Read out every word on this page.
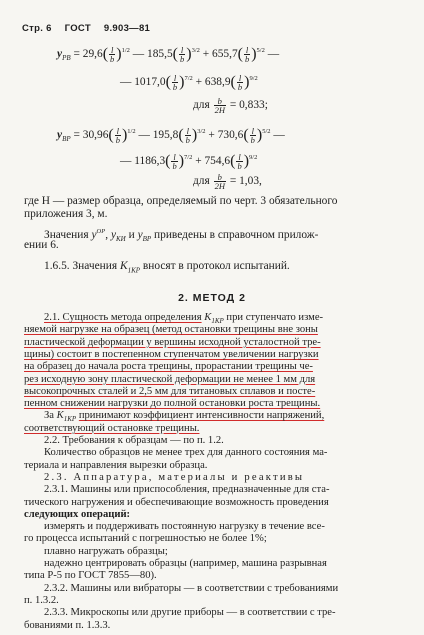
Стр. 6 ГОСТ 9.903—81
$y_{PB} = 29,6( \frac{l}{b} )^{1/2}$ — $185,5( \frac{l}{b} )^{3/2} + 655,7( \frac{l}{b} )^{5/2}$ —
— $1017,0( \frac{l}{b} )^{7/2} + 638,9( \frac{l}{b} )^{9/2}$
для $\frac{b}{2H} = 0,833$;
$y_{BP} = 30,96( \frac{l}{b} )^{1/2}$ — $195,8( \frac{l}{b} )^{3/2} + 730,6( \frac{l}{b} )^{5/2}$ —
— $1186,3( \frac{l}{b} )^{7/2} + 754,6( \frac{l}{b} )^{9/2}$
для $\frac{b}{2H} = 1,03$,
где H — размер образца, определяемый по черт. 3 обязательного
приложения 3, м.
Значения $y^{OP}$, $y_{KИ}$ и $y_{BP}$ приведены в справочном прилож-
ении 6.
1.6.5. Значения $K_{1КР}$ вносят в протокол испытаний.
2. МЕТОД 2
2.1. Сущность метода определения $K_{1КР}$ при ступенчато изме-
няемой нагрузке на образец (метод остановки трещины вне зоны
пластической деформации у вершины исходной усталостной тре-
щины) состоит в постепенном ступенчатом увеличении нагрузки
на образец до начала роста трещины, прорастании трещины че-
рез исходную зону пластической деформации не менее 1 мм для
высокопрочных сталей и 2,5 мм для титановых сплавов и посте-
пенном снижении нагрузки до полной остановки роста трещины.
За $K_{1КР}$ принимают коэффициент интенсивности напряжений,
соответствующий остановке трещины.
2.2. Требования к образцам — по п. 1.2.
Количество образцов не менее трех для данного состояния ма-
териала и направления вырезки образца.
2.3. Аппаратура, материалы и реактивы
2.3.1. Машины или приспособления, предназначенные для ста-
тического нагружения и обеспечивающие возможность проведения
следующих операций:
измерять и поддерживать постоянную нагрузку в течение все-
го процесса испытаний с погрешностью не более 1%;
плавно нагружать образцы;
надежно центрировать образцы (например, машина разрывная
типа Р-5 по ГОСТ 7855—80).
2.3.2. Машины или вибраторы — в соответствии с требованиями
п. 1.3.2.
2.3.3. Микроскопы или другие приборы — в соответствии с тре-
бованиями п. 1.3.3.
